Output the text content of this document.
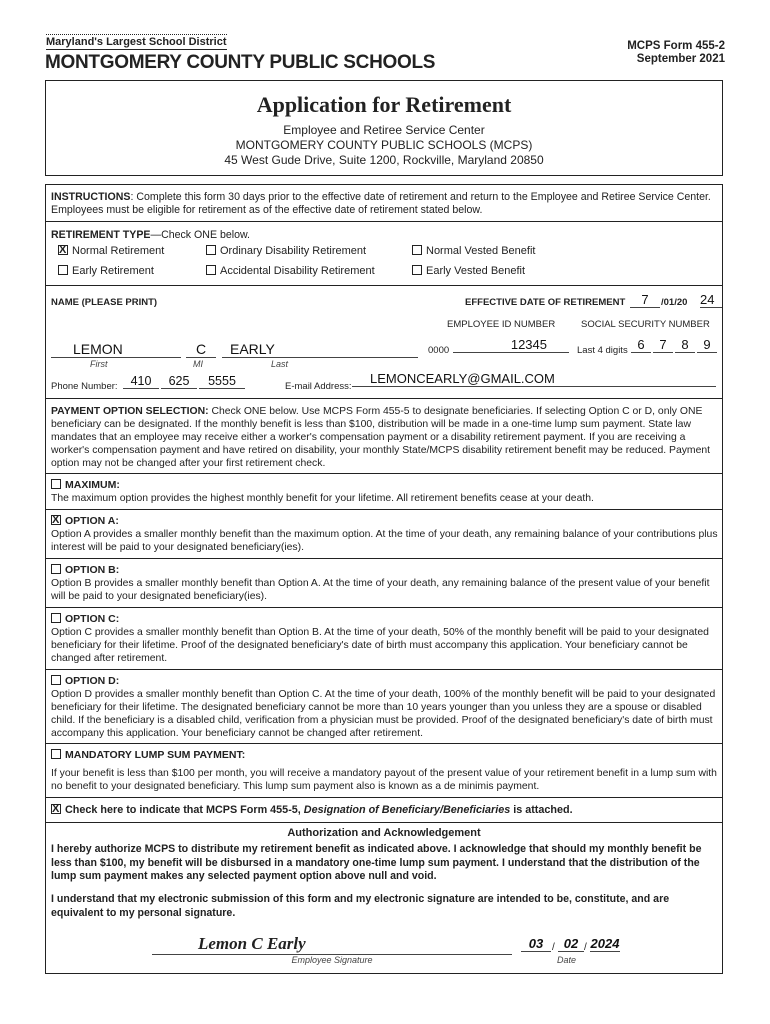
Maryland's Largest School District
MONTGOMERY COUNTY PUBLIC SCHOOLS
MCPS Form 455-2
September 2021
Application for Retirement
Employee and Retiree Service Center
MONTGOMERY COUNTY PUBLIC SCHOOLS (MCPS)
45 West Gude Drive, Suite 1200, Rockville, Maryland 20850
INSTRUCTIONS: Complete this form 30 days prior to the effective date of retirement and return to the Employee and Retiree Service Center. Employees must be eligible for retirement as of the effective date of retirement stated below.
RETIREMENT TYPE—Check ONE below.
XNormal Retirement	Ordinary Disability Retirement	Normal Vested Benefit
Early Retirement	Accidental Disability Retirement	Early Vested Benefit
NAME (PLEASE PRINT)	EFFECTIVE DATE OF RETIREMENT	7	/01/20 24
EMPLOYEE ID NUMBER	SOCIAL SECURITY NUMBER
LEMON	C	EARLY
First	MI	Last
0000	12345	Last 4 digits 6	7	8	9
Phone Number:	410	625	5555	E-mail Address:
LEMONCEARLY@GMAIL.COM
PAYMENT OPTION SELECTION: Check ONE below. Use MCPS Form 455-5 to designate beneficiaries. If selecting Option C or D, only ONE beneficiary can be designated. If the monthly benefit is less than $100, distribution will be made in a one-time lump sum payment. State law mandates that an employee may receive either a worker's compensation payment or a disability retirement payment. If you are receiving a worker's compensation payment and have retired on disability, your monthly State/MCPS disability retirement benefit may be reduced. Payment option may not be changed after your first retirement check.
MAXIMUM:
The maximum option provides the highest monthly benefit for your lifetime. All retirement benefits cease at your death.
XOPTION A:
Option A provides a smaller monthly benefit than the maximum option. At the time of your death, any remaining balance of your contributions plus interest will be paid to your designated beneficiary(ies).
OPTION B:
Option B provides a smaller monthly benefit than Option A. At the time of your death, any remaining balance of the present value of your benefit will be paid to your designated beneficiary(ies).
OPTION C:
Option C provides a smaller monthly benefit than Option B. At the time of your death, 50% of the monthly benefit will be paid to your designated beneficiary for their lifetime. Proof of the designated beneficiary's date of birth must accompany this application. Your beneficiary cannot be changed after retirement.
OPTION D:
Option D provides a smaller monthly benefit than Option C. At the time of your death, 100% of the monthly benefit will be paid to your designated beneficiary for their lifetime. The designated beneficiary cannot be more than 10 years younger than you unless they are a spouse or disabled child. If the beneficiary is a disabled child, verification from a physician must be provided. Proof of the designated beneficiary's date of birth must accompany this application. Your beneficiary cannot be changed after retirement.
MANDATORY LUMP SUM PAYMENT:
If your benefit is less than $100 per month, you will receive a mandatory payout of the present value of your retirement benefit in a lump sum with no benefit to your designated beneficiary. This lump sum payment also is known as a de minimis payment.
XCheck here to indicate that MCPS Form 455-5, Designation of Beneficiary/Beneficiaries is attached.
Authorization and Acknowledgement
I hereby authorize MCPS to distribute my retirement benefit as indicated above. I acknowledge that should my monthly benefit be less than $100, my benefit will be disbursed in a mandatory one-time lump sum payment. I understand that the distribution of the lump sum payment makes any selected payment option above null and void.
I understand that my electronic submission of this form and my electronic signature are intended to be, constitute, and are equivalent to my personal signature.
Lemon C Early
Employee Signature
03 / 02 / 2024
Date
